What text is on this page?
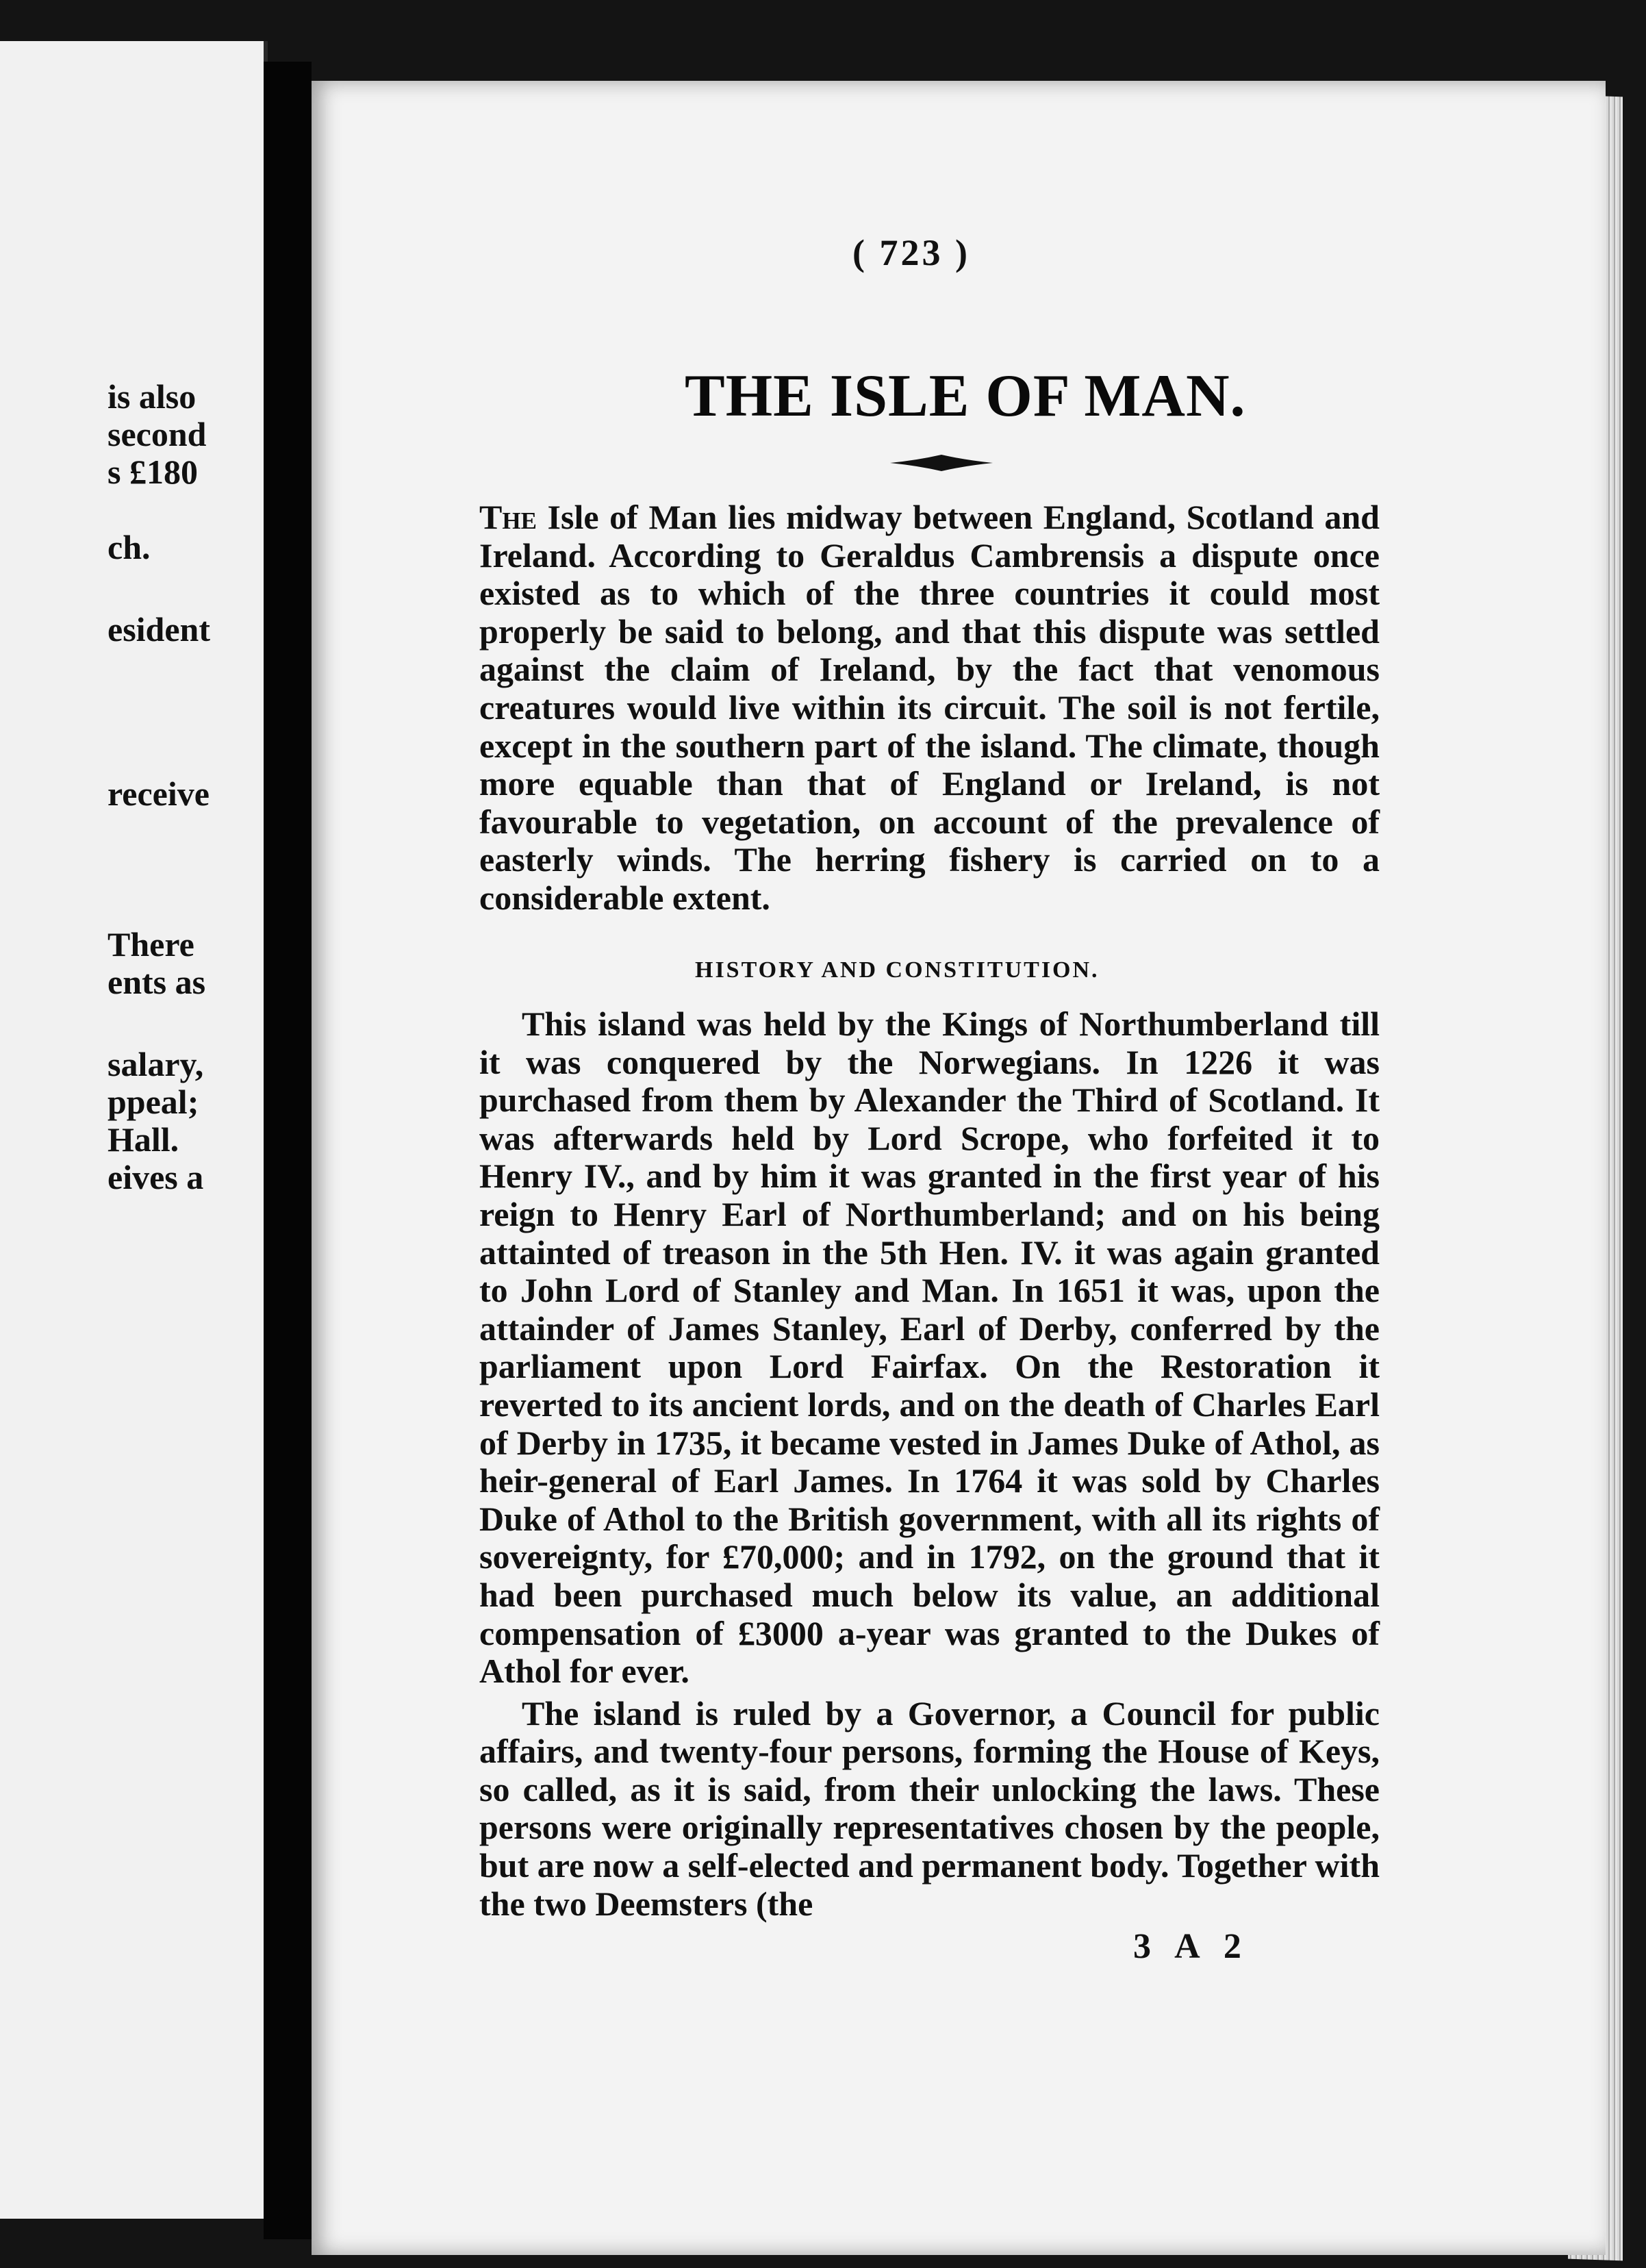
is also
second
s £180
ch.
esident
receive
There
ents as
salary,
ppeal;
Hall.
eives a
( 723 )
THE ISLE OF MAN.

The Isle of Man lies midway between England, Scotland and Ireland. According to Geraldus Cambrensis a dispute once existed as to which of the three countries it could most properly be said to belong, and that this dispute was settled against the claim of Ireland, by the fact that venomous creatures would live within its circuit. The soil is not fertile, except in the southern part of the island. The climate, though more equable than that of England or Ireland, is not favourable to vegetation, on account of the prevalence of easterly winds. The herring fishery is carried on to a considerable extent.

HISTORY AND CONSTITUTION.

This island was held by the Kings of Northumberland till it was conquered by the Norwegians. In 1226 it was purchased from them by Alexander the Third of Scotland. It was afterwards held by Lord Scrope, who forfeited it to Henry IV., and by him it was granted in the first year of his reign to Henry Earl of Northumberland; and on his being attainted of treason in the 5th Hen. IV. it was again granted to John Lord of Stanley and Man. In 1651 it was, upon the attainder of James Stanley, Earl of Derby, conferred by the parliament upon Lord Fairfax. On the Restoration it reverted to its ancient lords, and on the death of Charles Earl of Derby in 1735, it became vested in James Duke of Athol, as heir-general of Earl James. In 1764 it was sold by Charles Duke of Athol to the British government, with all its rights of sovereignty, for £70,000; and in 1792, on the ground that it had been purchased much below its value, an additional compensation of £3000 a-year was granted to the Dukes of Athol for ever.

The island is ruled by a Governor, a Council for public affairs, and twenty-four persons, forming the House of Keys, so called, as it is said, from their unlocking the laws. These persons were originally representatives chosen by the people, but are now a self-elected and permanent body. Together with the two Deemsters (the

3 A 2
